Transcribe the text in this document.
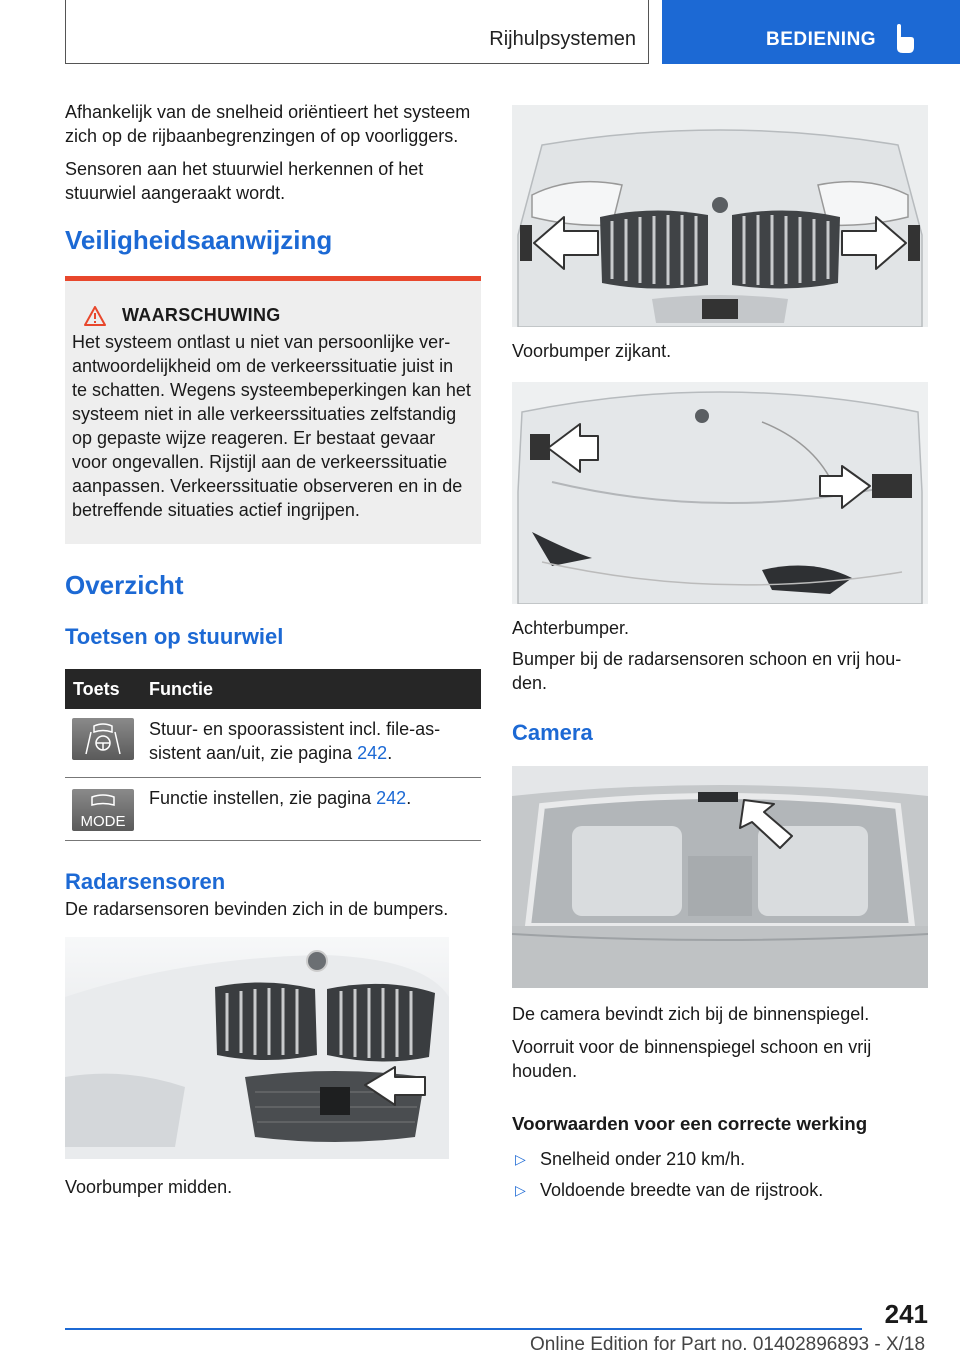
Rijhulpsystemen	BEDIENING

Afhankelijk van de snelheid oriëntieert het systeem zich op de rijbaanbegrenzingen of op voorliggers.

Sensoren aan het stuurwiel herkennen of het stuurwiel aangeraakt wordt.

Veiligheidsaanwijzing
WAARSCHUWING
Het systeem ontlast u niet van persoonlijke verantwoordelijkheid om de verkeerssituatie juist in te schatten. Wegens systeembeperkingen kan het systeem niet in alle verkeerssituaties zelfstandig op gepaste wijze reageren. Er bestaat gevaar voor ongevallen. Rijstijl aan de verkeerssituatie aanpassen. Verkeerssituatie observeren en in de betreffende situaties actief ingrijpen.
Overzicht
Toetsen op stuurwiel
Toets	Functie

	Stuur- en spoorassistent incl. file-assistent aan/uit, zie pagina 242.

MODE	Functie instellen, zie pagina 242.
Radarsensoren

De radarsensoren bevinden zich in de bumpers.

Voorbumper midden.

Voorbumper zijkant.

Achterbumper.

Bumper bij de radarsensoren schoon en vrij houden.

Camera

De camera bevindt zich bij de binnenspiegel.

Voorruit voor de binnenspiegel schoon en vrij houden.

Voorwaarden voor een correcte werking
▷ Snelheid onder 210 km/h.
▷ Voldoende breedte van de rijstrook.
241
Online Edition for Part no. 01402896893 - X/18
